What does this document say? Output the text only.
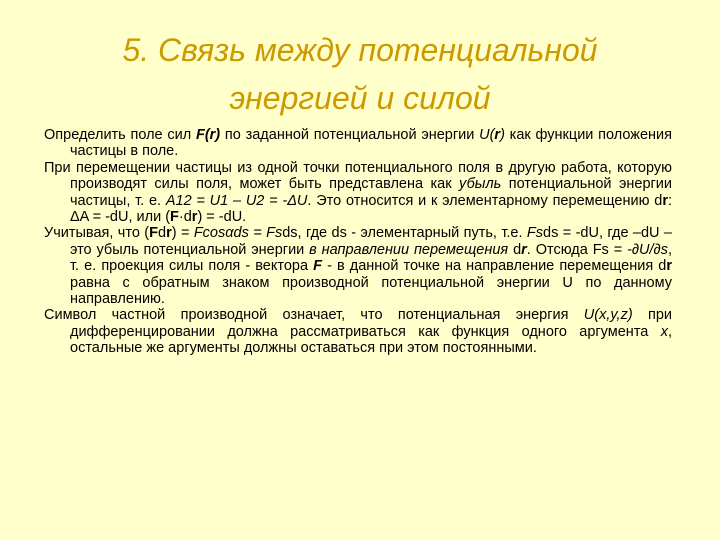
5. Связь между потенциальной
энергией и силой

Определить поле сил F(r) по заданной потенциальной энергии U(r) как функции положения частицы в поле.

При перемещении частицы из одной точки потенциального поля в другую работа, которую производят силы поля, может быть представлена как убыль потенциальной энергии частицы, т. е. A12 = U1 – U2 = -ΔU. Это относится и к элементарному перемещению dr: ΔA = -dU, или (F·dr) = -dU.

Учитывая, что (Fdr) = Fcosαds = Fsds, где ds - элементарный путь, т.е. Fsds = -dU, где –dU – это убыль потенциальной энергии в направлении перемещения dr. Отсюда Fs = -∂U/∂s, т. е. проекция силы поля - вектора F - в данной точке на направление перемещения dr равна с обратным знаком производной потенциальной энергии U по данному направлению.

Символ частной производной означает, что потенциальная энергия U(x,y,z) при дифференцировании должна рассматриваться как функция одного аргумента x, остальные же аргументы должны оставаться при этом постоянными.
